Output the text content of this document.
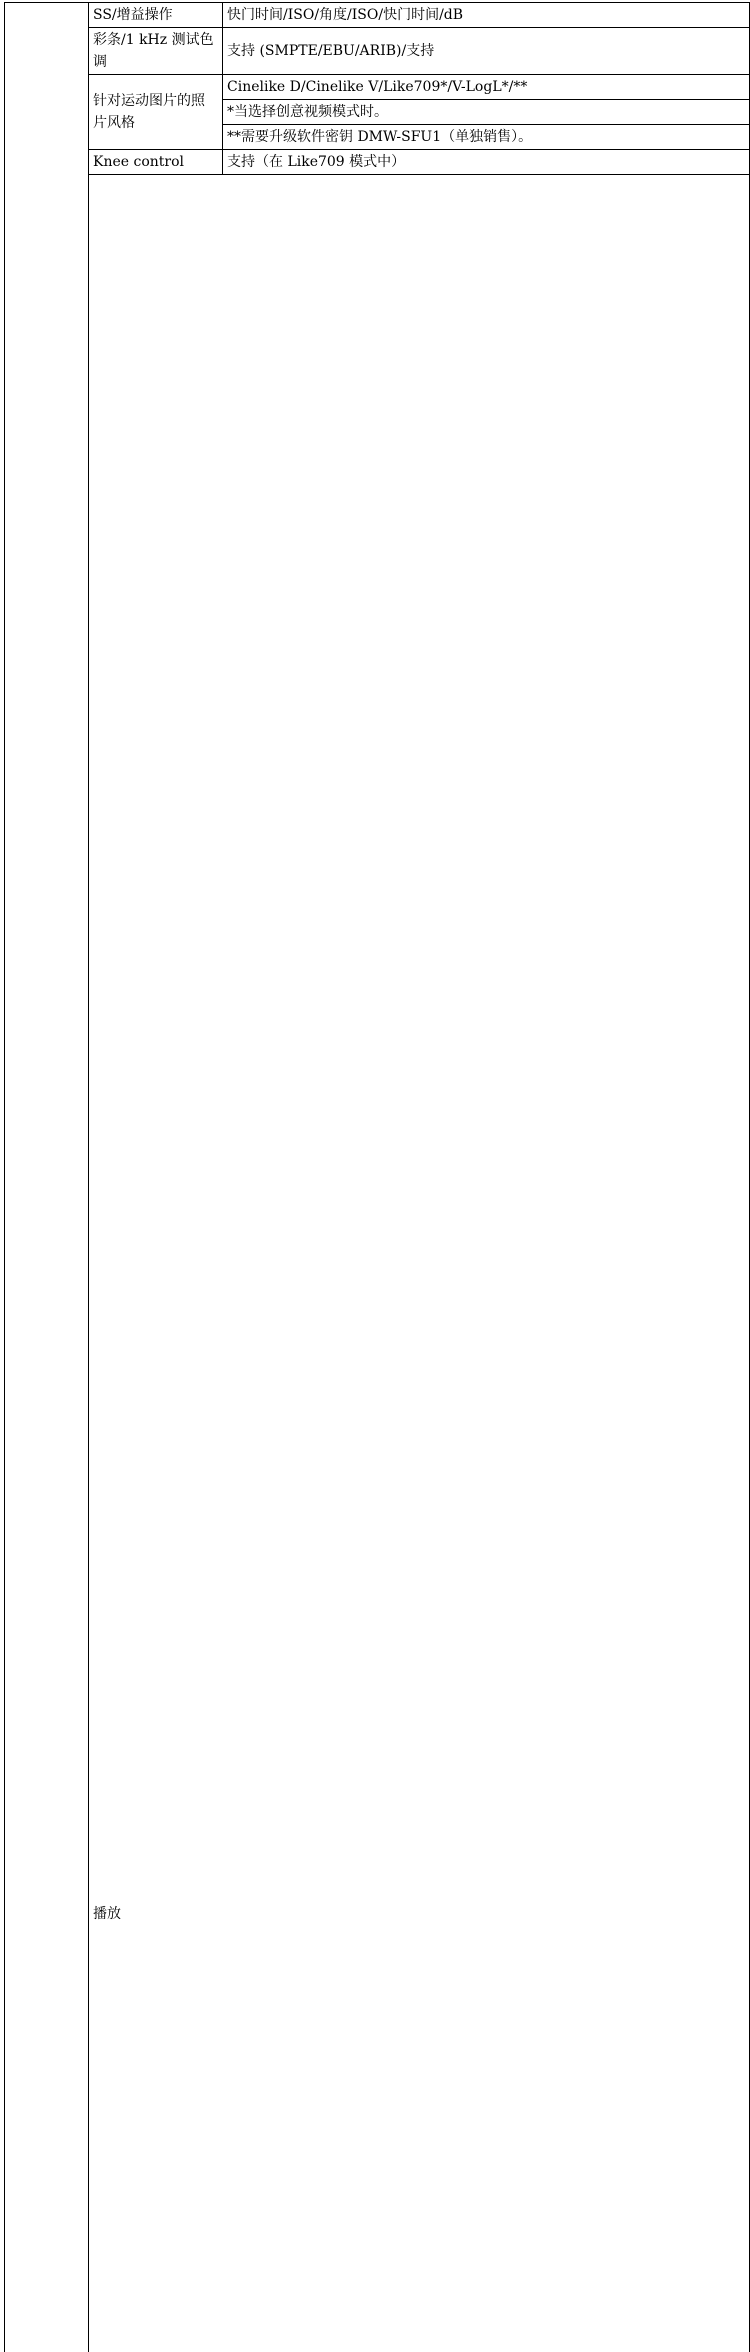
		SS/增益操作	快门时间/ISO/角度/ISO/快门时间/dB	
		彩条/1 kHz 测试色调	支持 (SMPTE/EBU/ARIB)/支持	
		针对运动图片的照片风格	Cinelike D/Cinelike V/Like709*/V-LogL*/**	
			*当选择创意视频模式时。	
			**需要升级软件密钥 DMW-SFU1（单独销售）。	
		Knee control	支持（在 Like709 模式中）	
		播放		
